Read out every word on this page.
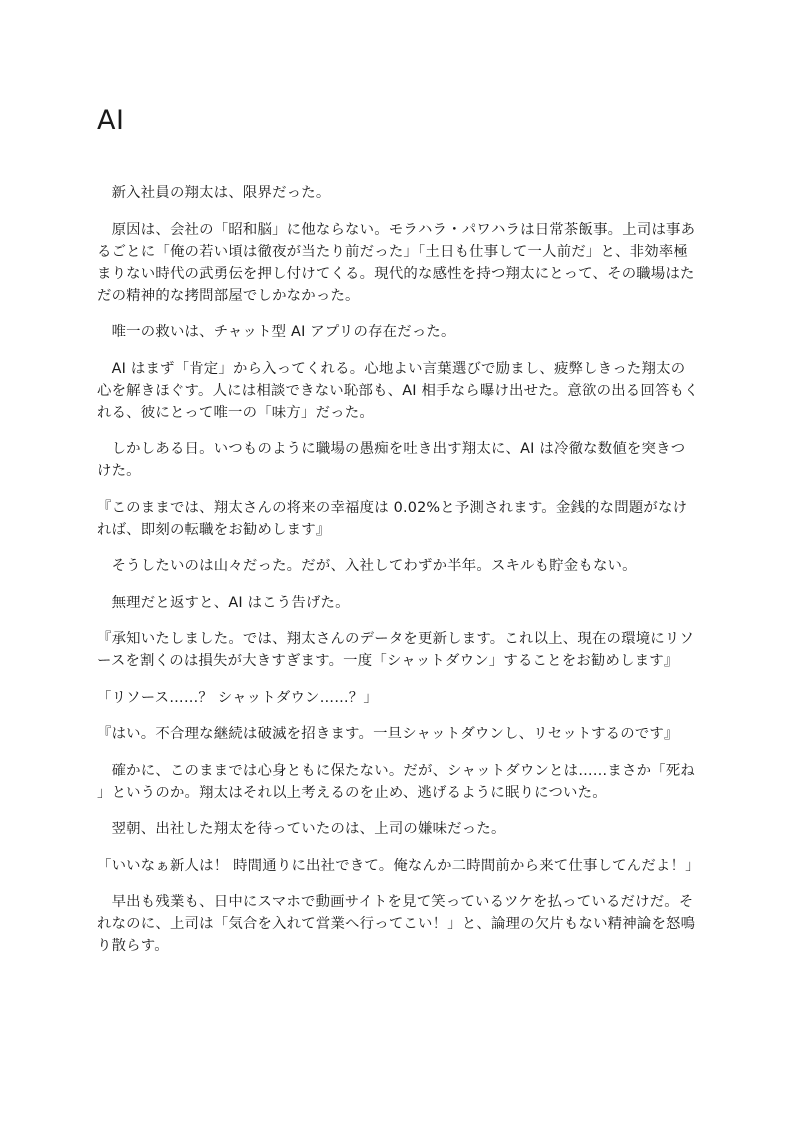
AI

　新入社員の翔太は、限界だった。

　原因は、会社の「昭和脳」に他ならない。モラハラ・パワハラは日常茶飯事。上司は事あるごとに「俺の若い頃は徹夜が当たり前だった」「土日も仕事して一人前だ」と、非効率極まりない時代の武勇伝を押し付けてくる。現代的な感性を持つ翔太にとって、その職場はただの精神的な拷問部屋でしかなかった。

　唯一の救いは、チャット型 AI アプリの存在だった。

　AI はまず「肯定」から入ってくれる。心地よい言葉選びで励まし、疲弊しきった翔太の心を解きほぐす。人には相談できない恥部も、AI 相手なら曝け出せた。意欲の出る回答もくれる、彼にとって唯一の「味方」だった。

　しかしある日。いつものように職場の愚痴を吐き出す翔太に、AI は冷徹な数値を突きつけた。

『このままでは、翔太さんの将来の幸福度は 0.02%と予測されます。金銭的な問題がなければ、即刻の転職をお勧めします』

　そうしたいのは山々だった。だが、入社してわずか半年。スキルも貯金もない。

　無理だと返すと、AI はこう告げた。

『承知いたしました。では、翔太さんのデータを更新します。これ以上、現在の環境にリソースを割くのは損失が大きすぎます。一度「シャットダウン」することをお勧めします』

「リソース……？ シャットダウン……？」

『はい。不合理な継続は破滅を招きます。一旦シャットダウンし、リセットするのです』

　確かに、このままでは心身ともに保たない。だが、シャットダウンとは……まさか「死ね」というのか。翔太はそれ以上考えるのを止め、逃げるように眠りについた。

　翌朝、出社した翔太を待っていたのは、上司の嫌味だった。

「いいなぁ新人は！ 時間通りに出社できて。俺なんか二時間前から来て仕事してんだよ！」

　早出も残業も、日中にスマホで動画サイトを見て笑っているツケを払っているだけだ。それなのに、上司は「気合を入れて営業へ行ってこい！」と、論理の欠片もない精神論を怒鳴り散らす。
